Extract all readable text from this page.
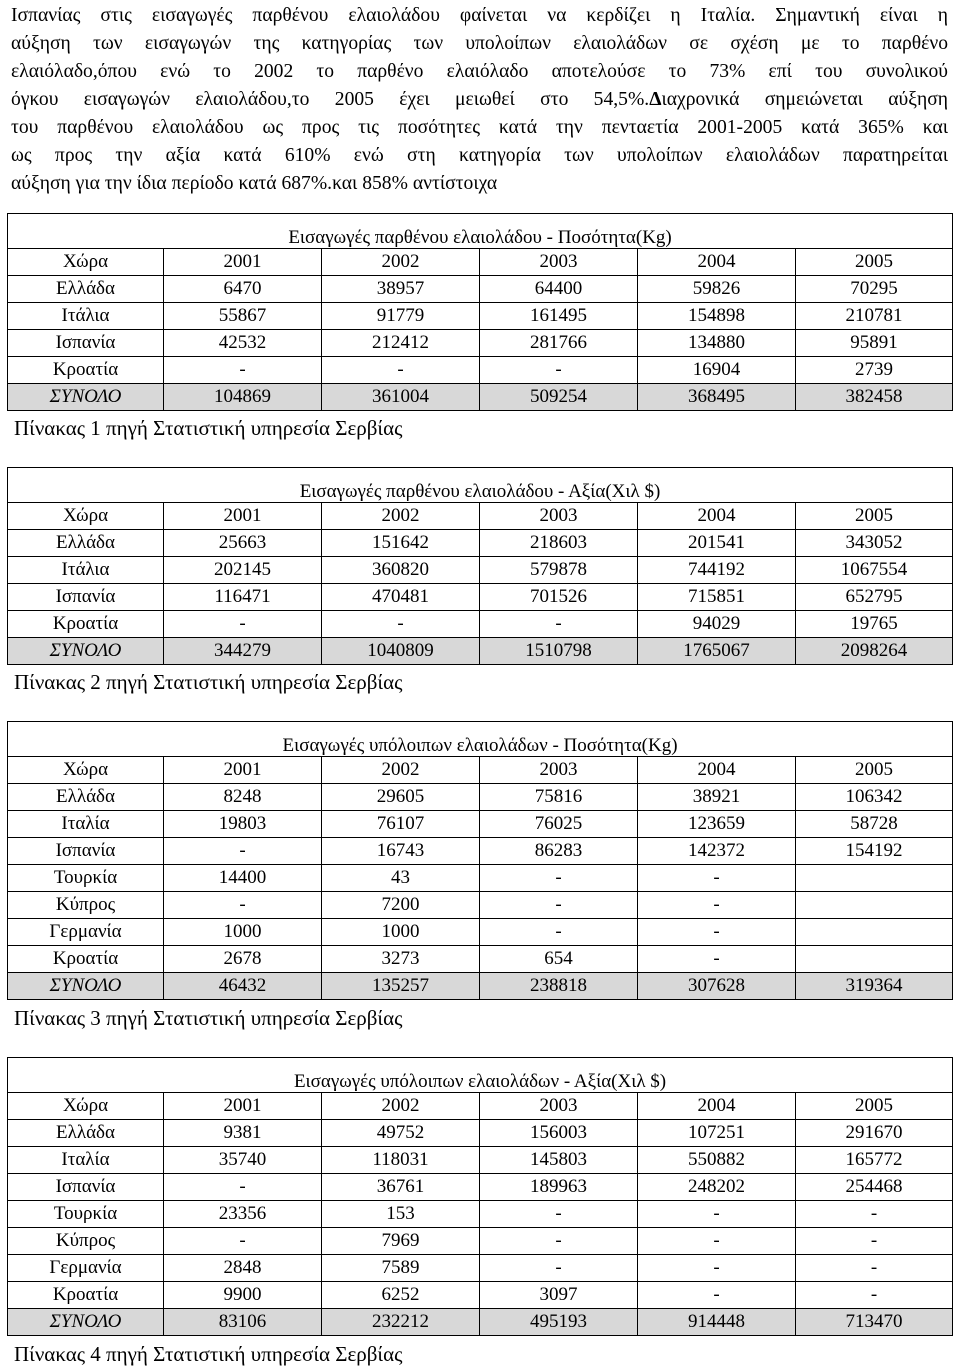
Ισπανίας στις εισαγωγές παρθένου ελαιολάδου φαίνεται να κερδίζει η Ιταλία. Σημαντική είναι η
αύξηση των εισαγωγών της κατηγορίας των υπολοίπων ελαιολάδων σε σχέση με το παρθένο
ελαιόλαδο,όπου ενώ το 2002 το παρθένο ελαιόλαδο αποτελούσε το 73% επί του συνολικού
όγκου εισαγωγών ελαιολάδου,το 2005 έχει μειωθεί στο 54,5%.Διαχρονικά σημειώνεται αύξηση
του παρθένου ελαιολάδου ως προς τις ποσότητες κατά την πενταετία 2001-2005 κατά 365% και
ως προς την αξία κατά 610% ενώ στη κατηγορία των υπολοίπων ελαιολάδων παρατηρείται
αύξηση για την ίδια περίοδο κατά 687%.και 858% αντίστοιχα
Εισαγωγές παρθένου ελαιολάδου - Ποσότητα(Kg)					
Χώρα	2001	2002	2003	2004	2005
Ελλάδα	6470	38957	64400	59826	70295
Ιτάλια	55867	91779	161495	154898	210781
Ισπανία	42532	212412	281766	134880	95891
Κροατία	-	-	-	16904	2739
ΣΥΝΟΛΟ	104869	361004	509254	368495	382458
Πίνακας 1 πηγή Στατιστική υπηρεσία Σερβίας
Εισαγωγές παρθένου ελαιολάδου - Αξία(Χιλ $)					
Χώρα	2001	2002	2003	2004	2005
Ελλάδα	25663	151642	218603	201541	343052
Ιτάλια	202145	360820	579878	744192	1067554
Ισπανία	116471	470481	701526	715851	652795
Κροατία	-	-	-	94029	19765
ΣΥΝΟΛΟ	344279	1040809	1510798	1765067	2098264
Πίνακας 2 πηγή Στατιστική υπηρεσία Σερβίας
Εισαγωγές υπόλοιπων ελαιολάδων - Ποσότητα(Kg)					
Χώρα	2001	2002	2003	2004	2005
Ελλάδα	8248	29605	75816	38921	106342
Ιταλία	19803	76107	76025	123659	58728
Ισπανία	-	16743	86283	142372	154192
Τουρκία	14400	43	-	-	
Κύπρος	-	7200	-	-	
Γερμανία	1000	1000	-	-	
Κροατία	2678	3273	654	-	
ΣΥΝΟΛΟ	46432	135257	238818	307628	319364
Πίνακας 3 πηγή Στατιστική υπηρεσία Σερβίας
Εισαγωγές υπόλοιπων ελαιολάδων - Αξία(Χιλ $)					
Χώρα	2001	2002	2003	2004	2005
Ελλάδα	9381	49752	156003	107251	291670
Ιταλία	35740	118031	145803	550882	165772
Ισπανία	-	36761	189963	248202	254468
Τουρκία	23356	153	-	-	-
Κύπρος	-	7969	-	-	-
Γερμανία	2848	7589	-	-	-
Κροατία	9900	6252	3097	-	-
ΣΥΝΟΛΟ	83106	232212	495193	914448	713470
Πίνακας 4 πηγή Στατιστική υπηρεσία Σερβίας
